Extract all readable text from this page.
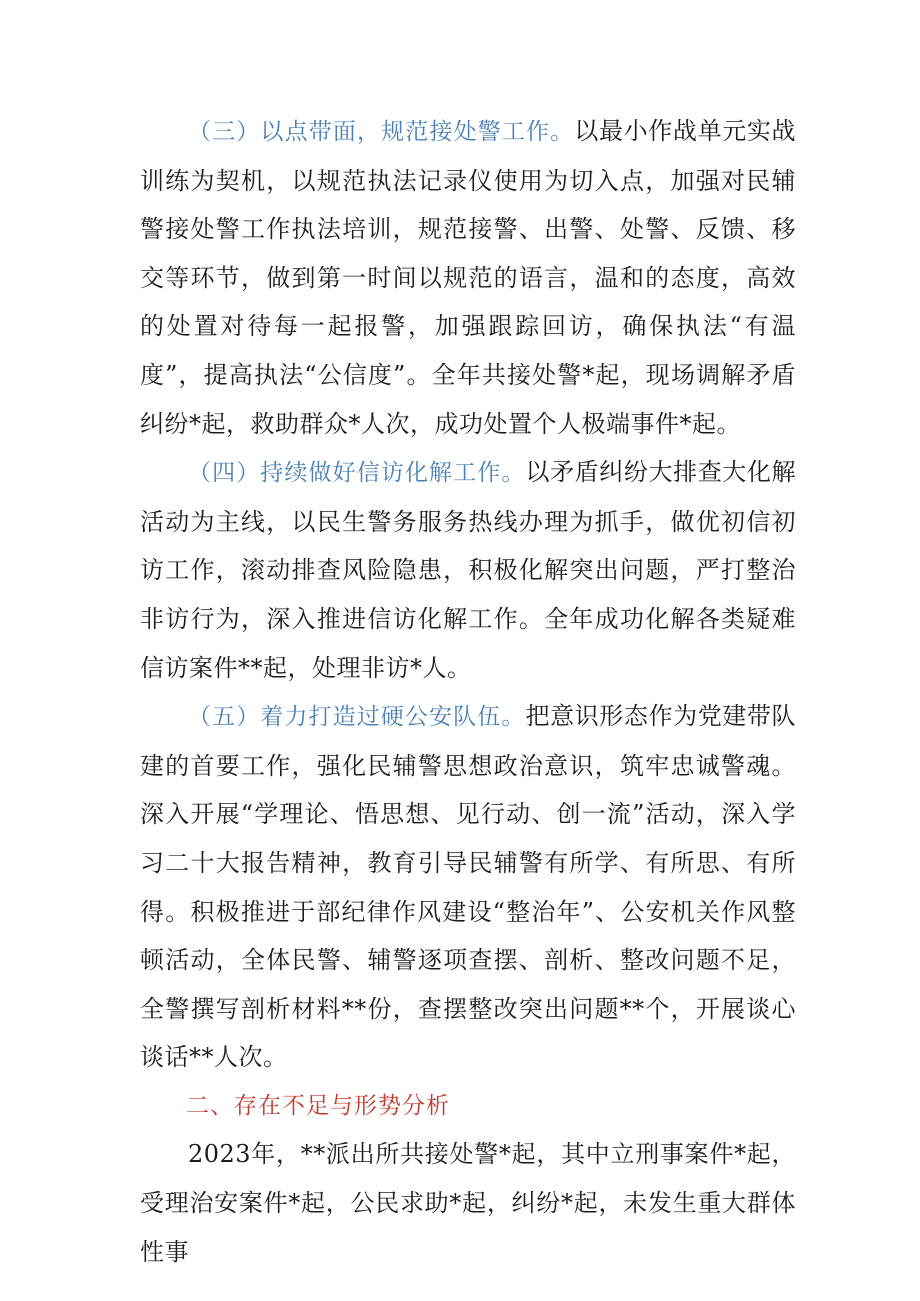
（三）以点带面，规范接处警工作。以最小作战单元实战训练为契机，以规范执法记录仪使用为切入点，加强对民辅警接处警工作执法培训，规范接警、出警、处警、反馈、移交等环节，做到第一时间以规范的语言，温和的态度，高效的处置对待每一起报警，加强跟踪回访，确保执法“有温度”，提高执法“公信度”。全年共接处警*起，现场调解矛盾纠纷*起，救助群众*人次，成功处置个人极端事件*起。

（四）持续做好信访化解工作。以矛盾纠纷大排查大化解活动为主线，以民生警务服务热线办理为抓手，做优初信初访工作，滚动排查风险隐患，积极化解突出问题，严打整治非访行为，深入推进信访化解工作。全年成功化解各类疑难信访案件**起，处理非访*人。

（五）着力打造过硬公安队伍。把意识形态作为党建带队建的首要工作，强化民辅警思想政治意识，筑牢忠诚警魂。深入开展“学理论、悟思想、见行动、创一流”活动，深入学习二十大报告精神，教育引导民辅警有所学、有所思、有所得。积极推进于部纪律作风建设“整治年”、公安机关作风整顿活动，全体民警、辅警逐项查摆、剖析、整改问题不足，全警撰写剖析材料**份，查摆整改突出问题**个，开展谈心谈话**人次。

二、存在不足与形势分析

2023年，**派出所共接处警*起，其中立刑事案件*起，受理治安案件*起，公民求助*起，纠纷*起，未发生重大群体性事
